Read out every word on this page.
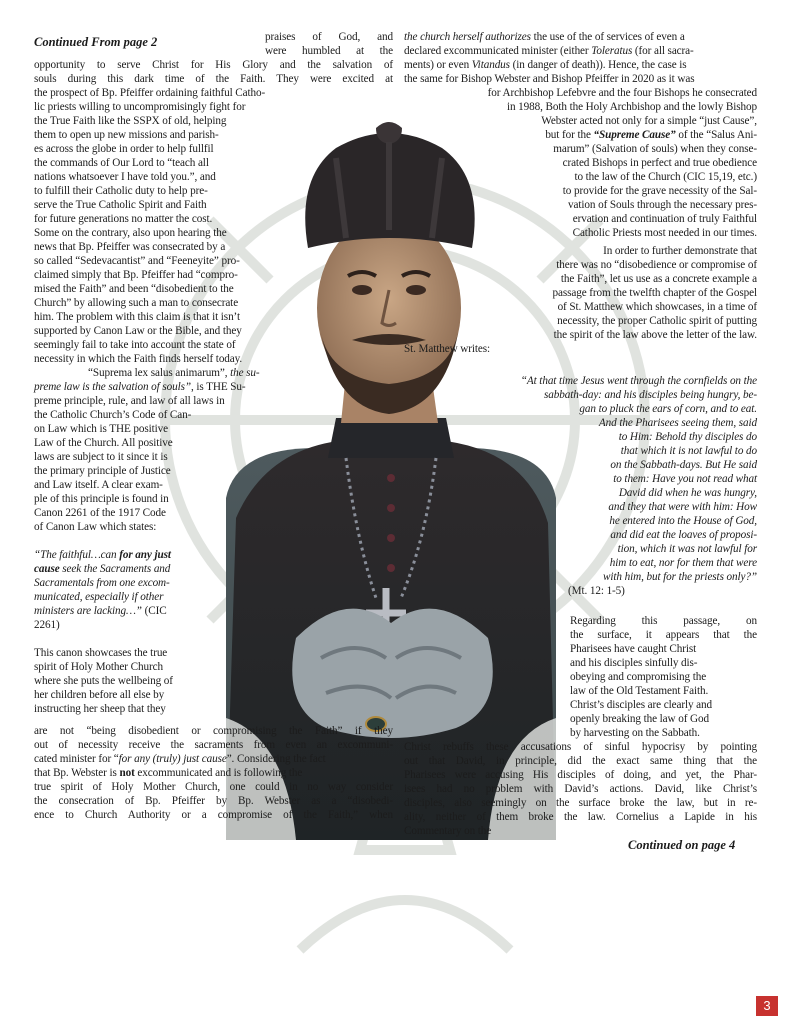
Continued From page 2	praises of God, and

were humbled at the

opportunity to serve Christ for His Glory and the salvation of

souls during this dark time of the Faith. They were excited at

the prospect of Bp. Pfeiffer ordaining faithful Catho-

lic priests willing to uncompromisingly fight for

the True Faith like the SSPX of old, helping

them to open up new missions and parish-

es across the globe in order to help fullfil

the commands of Our Lord to “teach all

nations whatsoever I have told you.”, and

to fulfill their Catholic duty to help pre-

serve the True Catholic Spirit and Faith

for future generations no matter the cost.

Some on the contrary, also upon hearing the

news that Bp. Pfeiffer was consecrated by a

so called “Sedevacantist” and “Feeneyite” pro-

claimed simply that Bp. Pfeiffer had “compro-

mised the Faith” and been “disobedient to the

Church” by allowing such a man to consecrate

him. The problem with this claim is that it isn’t

supported by Canon Law or the Bible, and they

seemingly fail to take into account the state of

necessity in which the Faith finds herself today.

“Suprema lex salus animarum”, the su-

preme law is the salvation of souls”, is THE Su-

preme principle, rule, and law of all laws in

the Catholic Church’s Code of Can-

on Law which is THE positive

Law of the Church. All positive

laws are subject to it since it is

the primary principle of Justice

and Law itself. A clear exam-

ple of this principle is found in

Canon 2261 of the 1917 Code

of Canon Law which states:

“The faithful…can for any just

cause seek the Sacraments and

Sacramentals from one excom-

municated, especially if other

ministers are lacking…” (CIC

2261)

This canon showcases the true

spirit of Holy Mother Church

where she puts the wellbeing of

her children before all else by

instructing her sheep that they

are not “being disobedient or compromising the Faith” if they

out of necessity receive the sacraments from even an excommuni-

cated minister for “for any (truly) just cause”. Considering the fact

that Bp. Webster is not excommunicated and is following the

true spirit of Holy Mother Church, one could in no way consider

the consecration of Bp. Pfeiffer by Bp. Webster as a “disobedi-

ence to Church Authority or a compromise of the Faith,” when

the church herself authorizes the use of the of services of even a

declared excommunicated minister (either Toleratus (for all sacra-

ments) or even Vitandus (in danger of death)). Hence, the case is

the same for Bishop Webster and Bishop Pfeiffer in 2020 as it was

for Archbishop Lefebvre and the four Bishops he consecrated

in 1988, Both the Holy Archbishop and the lowly Bishop

Webster acted not only for a simple “just Cause”,

but for the “Supreme Cause” of the “Salus Ani-

marum” (Salvation of souls) when they conse-

crated Bishops in perfect and true obedience

to the law of the Church (CIC 15,19, etc.)

to provide for the grave necessity of the Sal-

vation of Souls through the necessary pres-

ervation and continuation of truly Faithful

Catholic Priests most needed in our times.

In order to further demonstrate that

there was no “disobedience or compromise of

the Faith”, let us use as a concrete example a

passage from the twelfth chapter of the Gospel

of St. Matthew which showcases, in a time of

necessity, the proper Catholic spirit of putting

the spirit of the law above the letter of the law.

St. Matthew writes:

“At that time Jesus went through the cornfields on the

sabbath-day: and his disciples being hungry, be-

gan to pluck the ears of corn, and to eat.

And the Pharisees seeing them, said

to Him: Behold thy disciples do

that which it is not lawful to do

on the Sabbath-days. But He said

to them: Have you not read what

David did when he was hungry,

and they that were with him: How

he entered into the House of God,

and did eat the loaves of proposi-

tion, which it was not lawful for

him to eat, nor for them that were

with him, but for the priests only?”

(Mt. 12: 1-5)

Regarding this passage, on

the surface, it appears that the

Pharisees have caught Christ

and his disciples sinfully dis-

obeying and compromising the

law of the Old Testament Faith.

Christ’s disciples are clearly and

openly breaking the law of God

by harvesting on the Sabbath.

Christ rebuffs these accusations of sinful hypocrisy by pointing

out that David, in principle, did the exact same thing that the

Pharisees were accusing His disciples of doing, and yet, the Phar-

isees had no problem with David’s actions. David, like Christ’s

disciples, also seemingly on the surface broke the law, but in re-

ality, neither of them broke the law. Cornelius a Lapide in his

Commentary on the

Continued on page 4
3
